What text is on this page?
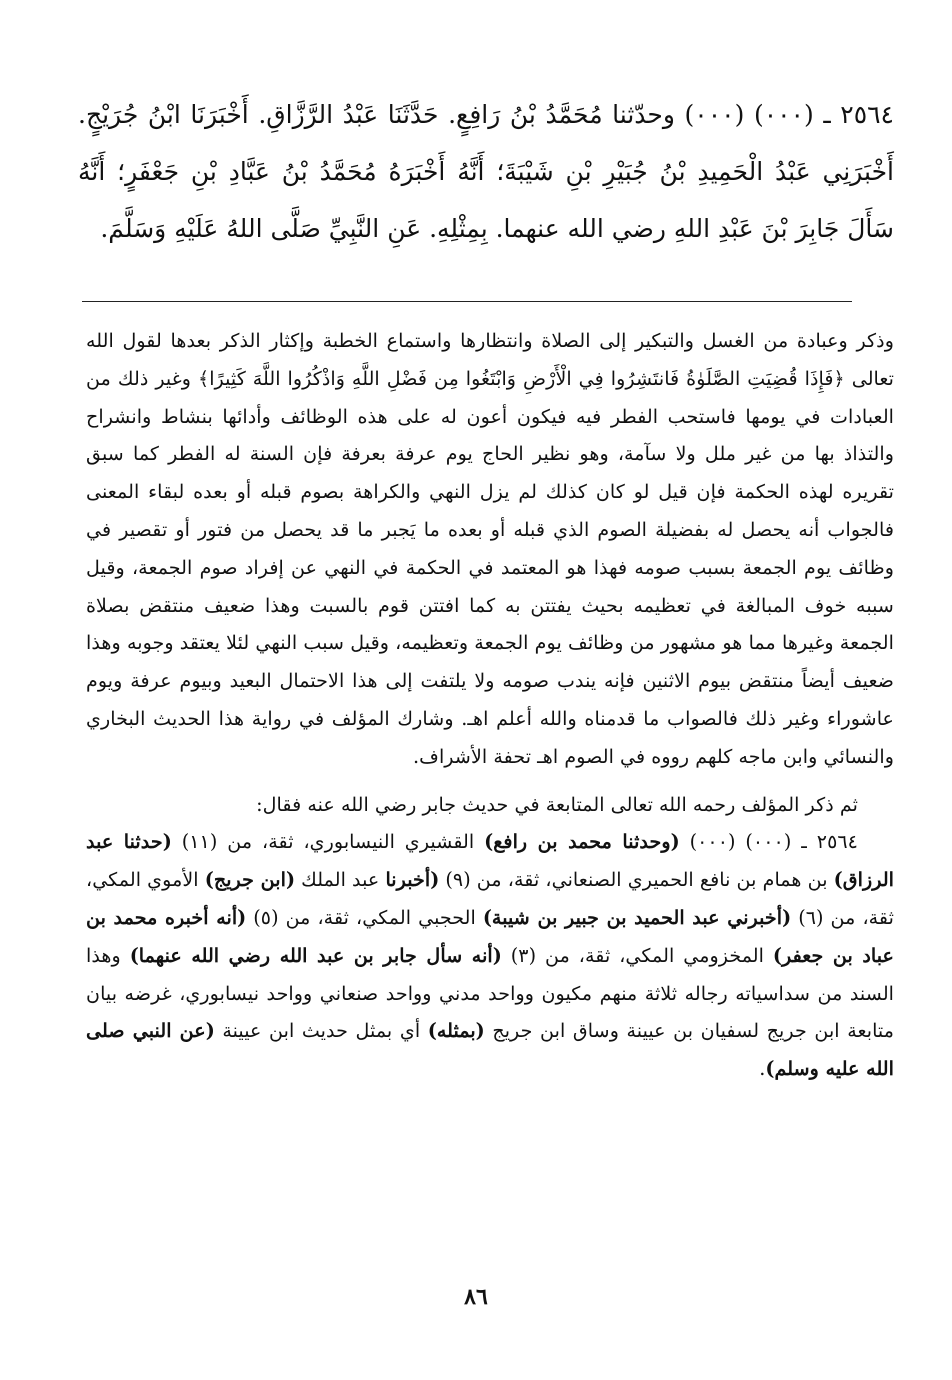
٢٥٦٤ ـ (٠٠٠) (٠٠٠) وحدّثنا مُحَمَّدُ بْنُ رَافِعٍ. حَدَّثَنَا عَبْدُ الرَّزَّاقِ. أَخْبَرَنَا ابْنُ جُرَيْجٍ. أَخْبَرَنِي عَبْدُ الْحَمِيدِ بْنُ جُبَيْرِ بْنِ شَيْبَةَ؛ أَنَّهُ أَخْبَرَهُ مُحَمَّدُ بْنُ عَبَّادِ بْنِ جَعْفَرٍ؛ أَنَّهُ سَأَلَ جَابِرَ بْنَ عَبْدِ اللهِ رضي الله عنهما. بِمِثْلِهِ. عَنِ النَّبِيِّ صَلَّى اللهُ عَلَيْهِ وَسَلَّمَ.

وذكر وعبادة من الغسل والتبكير إلى الصلاة وانتظارها واستماع الخطبة وإكثار الذكر بعدها لقول الله تعالى ﴿فَإِذَا قُضِيَتِ الصَّلَوٰةُ فَانتَشِرُوا فِي الْأَرْضِ وَابْتَغُوا مِن فَضْلِ اللَّهِ وَاذْكُرُوا اللَّهَ كَثِيرًا﴾ وغير ذلك من العبادات في يومها فاستحب الفطر فيه فيكون أعون له على هذه الوظائف وأدائها بنشاط وانشراح والتذاذ بها من غير ملل ولا سآمة، وهو نظير الحاج يوم عرفة بعرفة فإن السنة له الفطر كما سبق تقريره لهذه الحكمة فإن قيل لو كان كذلك لم يزل النهي والكراهة بصوم قبله أو بعده لبقاء المعنى فالجواب أنه يحصل له بفضيلة الصوم الذي قبله أو بعده ما يَجبر ما قد يحصل من فتور أو تقصير في وظائف يوم الجمعة بسبب صومه فهذا هو المعتمد في الحكمة في النهي عن إفراد صوم الجمعة، وقيل سببه خوف المبالغة في تعظيمه بحيث يفتتن به كما افتتن قوم بالسبت وهذا ضعيف منتقض بصلاة الجمعة وغيرها مما هو مشهور من وظائف يوم الجمعة وتعظيمه، وقيل سبب النهي لئلا يعتقد وجوبه وهذا ضعيف أيضاً منتقض بيوم الاثنين فإنه يندب صومه ولا يلتفت إلى هذا الاحتمال البعيد وبيوم عرفة ويوم عاشوراء وغير ذلك فالصواب ما قدمناه والله أعلم اهـ. وشارك المؤلف في رواية هذا الحديث البخاري والنسائي وابن ماجه كلهم رووه في الصوم اهـ تحفة الأشراف.

ثم ذكر المؤلف رحمه الله تعالى المتابعة في حديث جابر رضي الله عنه فقال:

٢٥٦٤ ـ (٠٠٠) (٠٠٠) (وحدثنا محمد بن رافع) القشيري النيسابوري، ثقة، من (١١) (حدثنا عبد الرزاق) بن همام بن نافع الحميري الصنعاني، ثقة، من (٩) (أخبرنا عبد الملك (ابن جريج) الأموي المكي، ثقة، من (٦) (أخبرني عبد الحميد بن جبير بن شيبة) الحجبي المكي، ثقة، من (٥) (أنه أخبره محمد بن عباد بن جعفر) المخزومي المكي، ثقة، من (٣) (أنه سأل جابر بن عبد الله رضي الله عنهما) وهذا السند من سداسياته رجاله ثلاثة منهم مكيون وواحد مدني وواحد صنعاني وواحد نيسابوري، غرضه بيان متابعة ابن جريج لسفيان بن عيينة وساق ابن جريج (بمثله) أي بمثل حديث ابن عيينة (عن النبي صلى الله عليه وسلم).

٨٦
